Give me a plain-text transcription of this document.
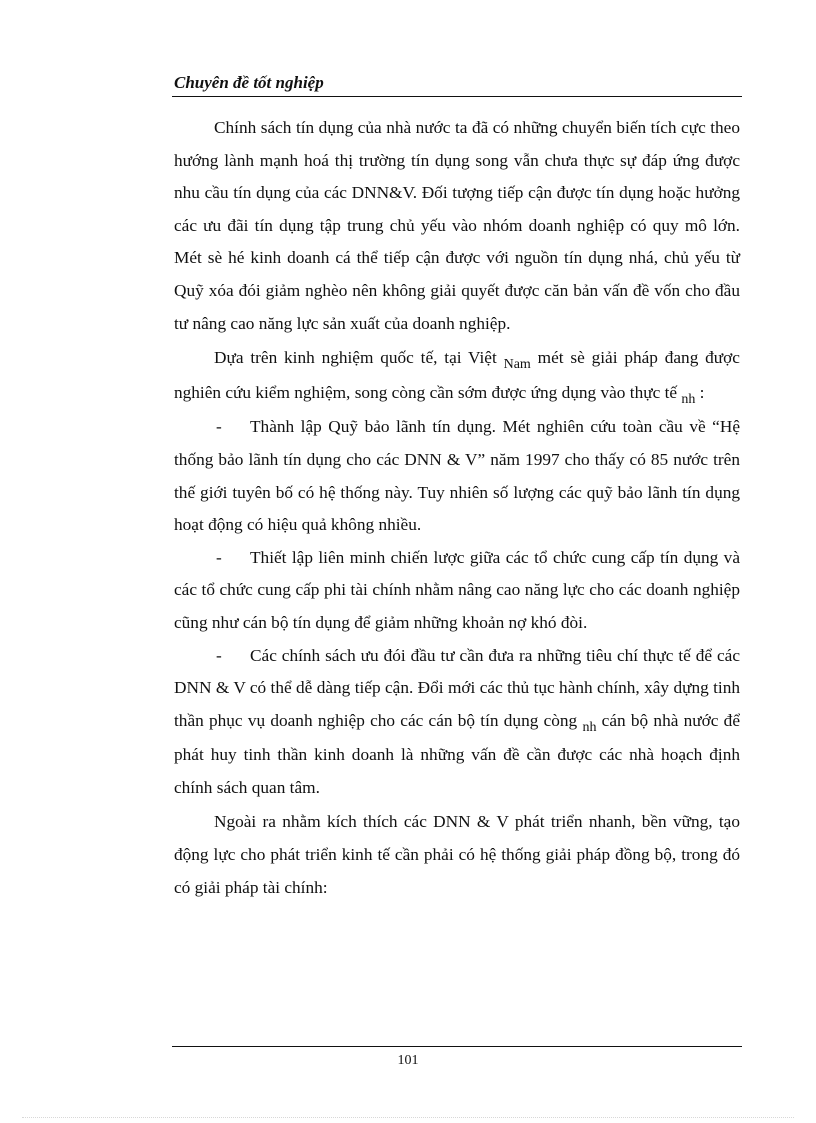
Chuyên đề tốt nghiệp

Chính sách tín dụng của nhà nước ta đã có những chuyển biến tích cực theo hướng lành mạnh hoá thị trường tín dụng song vẫn chưa thực sự đáp ứng được nhu cầu tín dụng của các DNN&V. Đối tượng tiếp cận được tín dụng hoặc hưởng các ưu đãi tín dụng tập trung chủ yếu vào nhóm doanh nghiệp có quy mô lớn. Mét sè hé kinh doanh cá thể tiếp cận được với nguồn tín dụng nhá, chủ yếu từ Quỹ xóa đói giảm nghèo nên không giải quyết được căn bản vấn đề vốn cho đầu tư nâng cao năng lực sản xuất của doanh nghiệp.

Dựa trên kinh nghiệm quốc tế, tại Việt $_{Nam}$ mét sè giải pháp đang được nghiên cứu kiểm nghiệm, song còng cần sớm được ứng dụng vào thực tế $_{nh}$ :

- Thành lập Quỹ bảo lãnh tín dụng. Mét nghiên cứu toàn cầu về “Hệ thống bảo lãnh tín dụng cho các DNN & V” năm 1997 cho thấy có 85 nước trên thế giới tuyên bố có hệ thống này. Tuy nhiên số lượng các quỹ bảo lãnh tín dụng hoạt động có hiệu quả không nhiều.

- Thiết lập liên minh chiến lược giữa các tổ chức cung cấp tín dụng và các tổ chức cung cấp phi tài chính nhằm nâng cao năng lực cho các doanh nghiệp cũng như cán bộ tín dụng để giảm những khoản nợ khó đòi.

- Các chính sách ưu đói đầu tư cần đưa ra những tiêu chí thực tế để các DNN & V có thể dễ dàng tiếp cận. Đổi mới các thủ tục hành chính, xây dựng tinh thần phục vụ doanh nghiệp cho các cán bộ tín dụng còng $_{nh}$ cán bộ nhà nước để phát huy tinh thần kinh doanh là những vấn đề cần được các nhà hoạch định chính sách quan tâm.

Ngoài ra nhằm kích thích các DNN & V phát triển nhanh, bền vững, tạo động lực cho phát triển kinh tế cần phải có hệ thống giải pháp đồng bộ, trong đó có giải pháp tài chính:

101
